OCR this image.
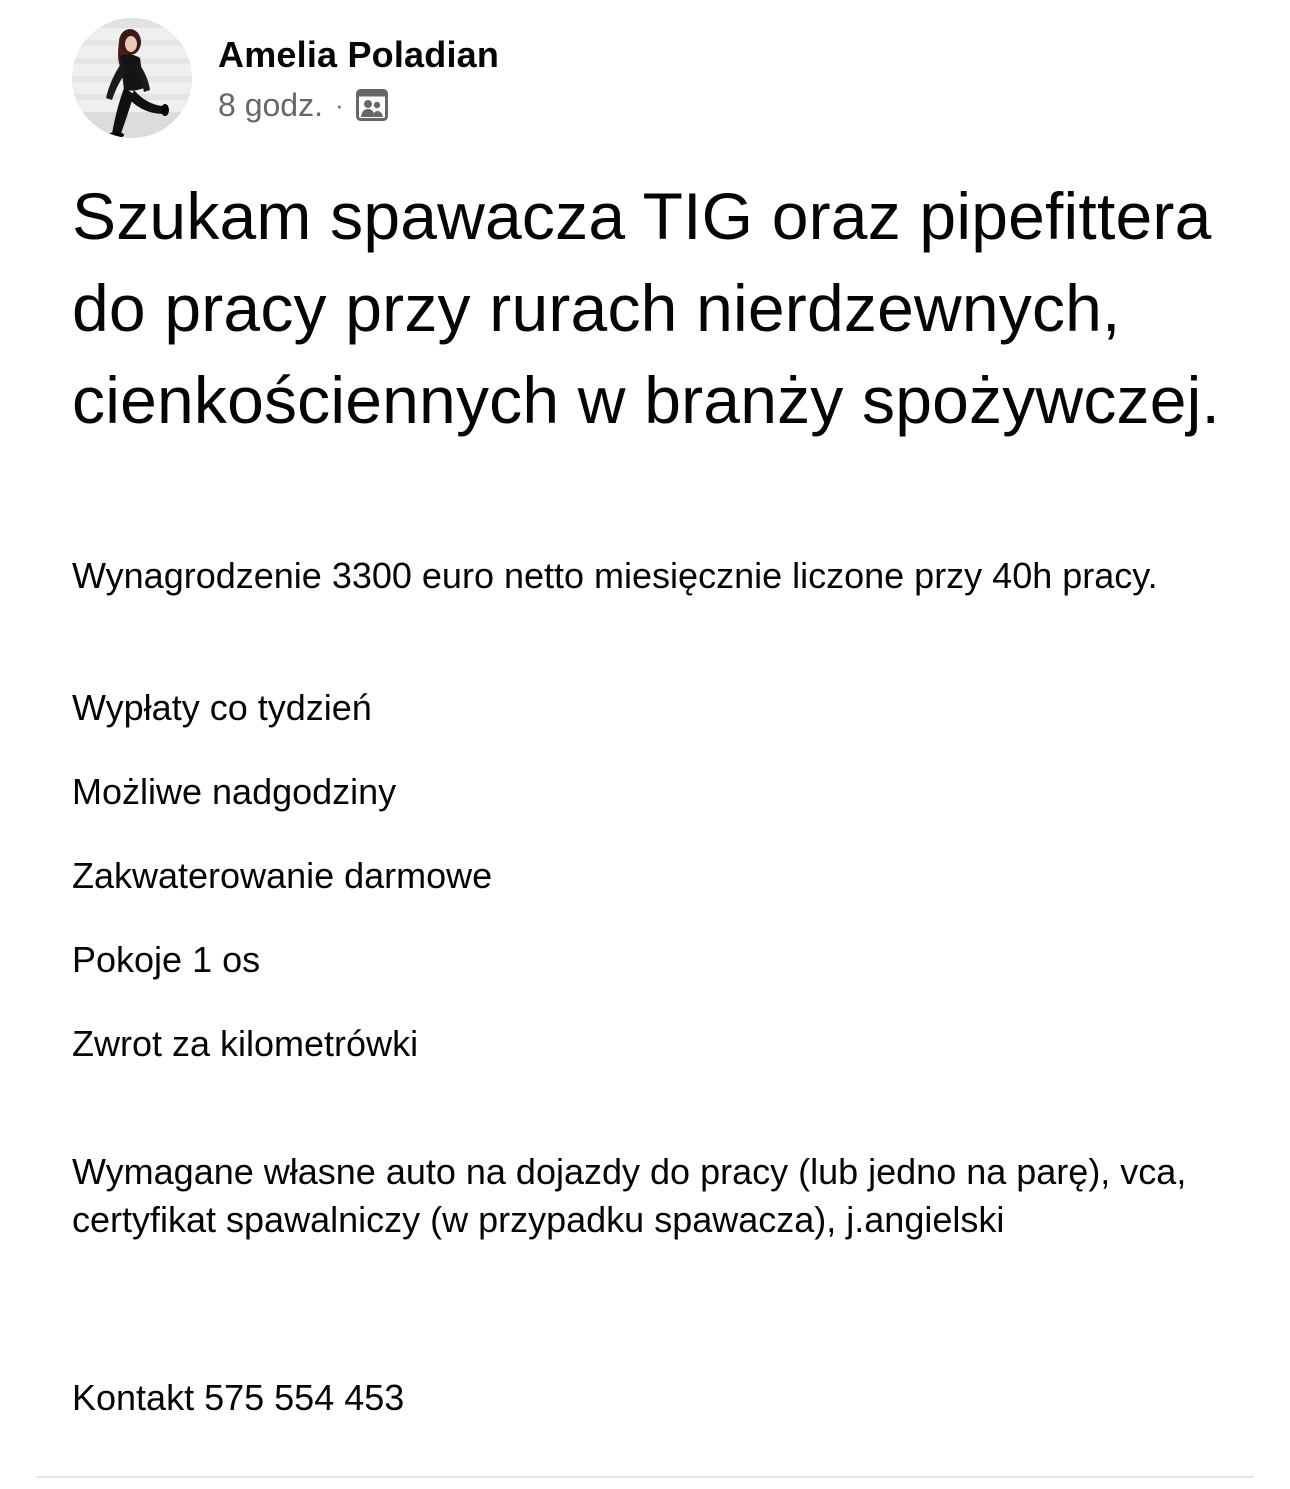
Amelia Poladian
8 godz. ·

Szukam spawacza TIG oraz pipefittera do pracy przy rurach nierdzewnych, cienkościennych w branży spożywczej.

Wynagrodzenie 3300 euro netto miesięcznie liczone przy 40h pracy.

Wypłaty co tydzień

Możliwe nadgodziny

Zakwaterowanie darmowe

Pokoje 1 os

Zwrot za kilometrówki

Wymagane własne auto na dojazdy do pracy (lub jedno na parę), vca, certyfikat spawalniczy (w przypadku spawacza), j.angielski

Kontakt 575 554 453
